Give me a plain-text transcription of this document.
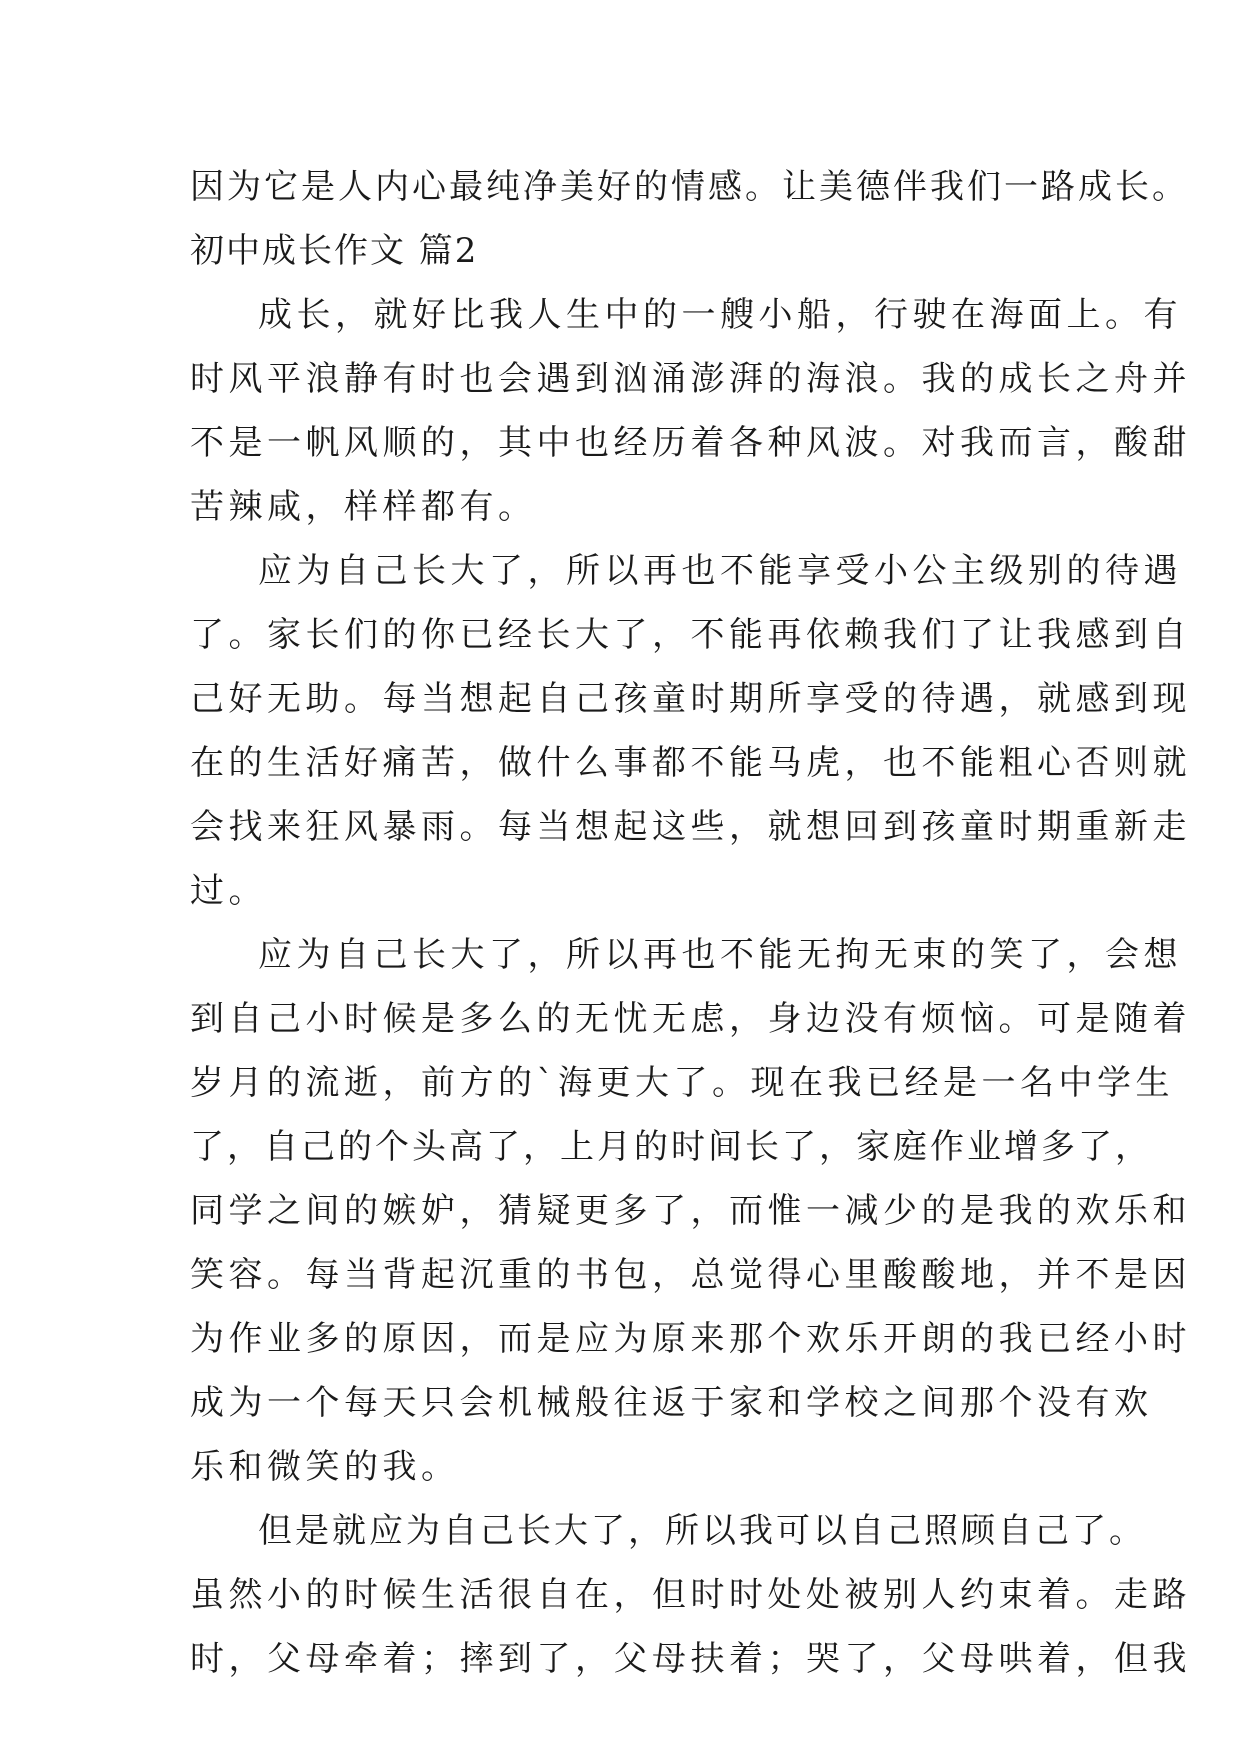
因为它是人内心最纯净美好的情感。让美德伴我们一路成长。
初中成长作文 篇2
成长，就好比我人生中的一艘小船，行驶在海面上。有
时风平浪静有时也会遇到汹涌澎湃的海浪。我的成长之舟并
不是一帆风顺的，其中也经历着各种风波。对我而言，酸甜
苦辣咸，样样都有。
应为自己长大了，所以再也不能享受小公主级别的待遇
了。家长们的你已经长大了，不能再依赖我们了让我感到自
己好无助。每当想起自己孩童时期所享受的待遇，就感到现
在的生活好痛苦，做什么事都不能马虎，也不能粗心否则就
会找来狂风暴雨。每当想起这些，就想回到孩童时期重新走
过。
应为自己长大了，所以再也不能无拘无束的笑了，会想
到自己小时候是多么的无忧无虑，身边没有烦恼。可是随着
岁月的流逝，前方的`海更大了。现在我已经是一名中学生
了，自己的个头高了，上月的时间长了，家庭作业增多了，
同学之间的嫉妒，猜疑更多了，而惟一减少的是我的欢乐和
笑容。每当背起沉重的书包，总觉得心里酸酸地，并不是因
为作业多的原因，而是应为原来那个欢乐开朗的我已经小时
成为一个每天只会机械般往返于家和学校之间那个没有欢
乐和微笑的我。
但是就应为自己长大了，所以我可以自己照顾自己了。
虽然小的时候生活很自在，但时时处处被别人约束着。走路
时，父母牵着；摔到了，父母扶着；哭了，父母哄着，但我
